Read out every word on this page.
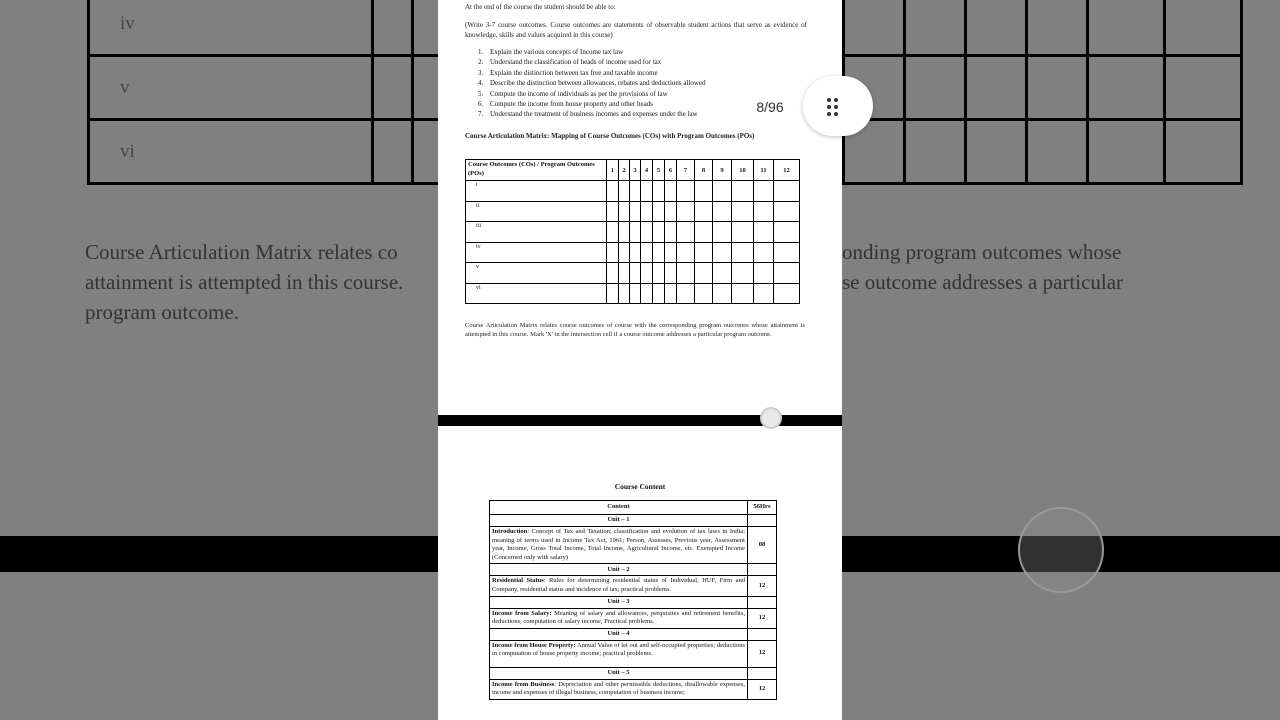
iv					
v					
vi					

Course Articulation Matrix relates co
attainment is attempted in this course.
program outcome.
onding program outcomes whose
se outcome addresses a particular
At the end of the course the student should be able to:
(Write 3-7 course outcomes. Course outcomes are statements of observable student actions that serve as evidence of knowledge, skills and values acquired in this course)
1. Explain the various concepts of Income tax law
2. Understand the classification of heads of income used for tax
3. Explain the distinction between tax free and taxable income
4. Describe the distinction between allowances, rebates and deductions allowed
5. Compute the income of individuals as per the provisions of law
6. Compute the income from house property and other heads
7. Understand the treatment of business incomes and expenses under the law
Course Articulation Matrix: Mapping of Course Outcomes (COs) with Program Outcomes (POs)
Course Outcomes (COs) / Program Outcomes (POs)	1	2	3	4	5	6	7	8	9	10	11	12
i												
ii												
iii												
iv												
v												
vi												
Course Articulation Matrix relates course outcomes of course with the corresponding program outcomes whose attainment is attempted in this course. Mark 'X' in the intersection cell if a course outcome addresses a particular program outcome.
Course Content
Content	56Hrs
Unit – 1	
Introduction: Concept of Tax and Taxation; classification and evolution of tax laws in India; meaning of terms used in Income Tax Act, 1961; Person, Assesses, Previous year, Assessment year, Income, Gross Total Income, Total Income, Agricultural Income, etc. Exempted Income (Concerned only with salary)	08
Unit – 2	
Residential Status: Rules for determining residential status of Individual, HUF, Firm and Company, residential status and incidence of tax; practical problems.	12
Unit – 3	
Income from Salary: Meaning of salary and allowances, perquisites and retirement benefits, deductions, computation of salary income, Practical problems.	12
Unit – 4	
Income from House Property: Annual Value of let out and self-occupied properties; deductions in computation of house property income; practical problems.	12
Unit – 5	
Income from Business: Depreciation and other permissible deductions, disallowable expenses, income and expenses of illegal business, computation of business income;	12
8/96
